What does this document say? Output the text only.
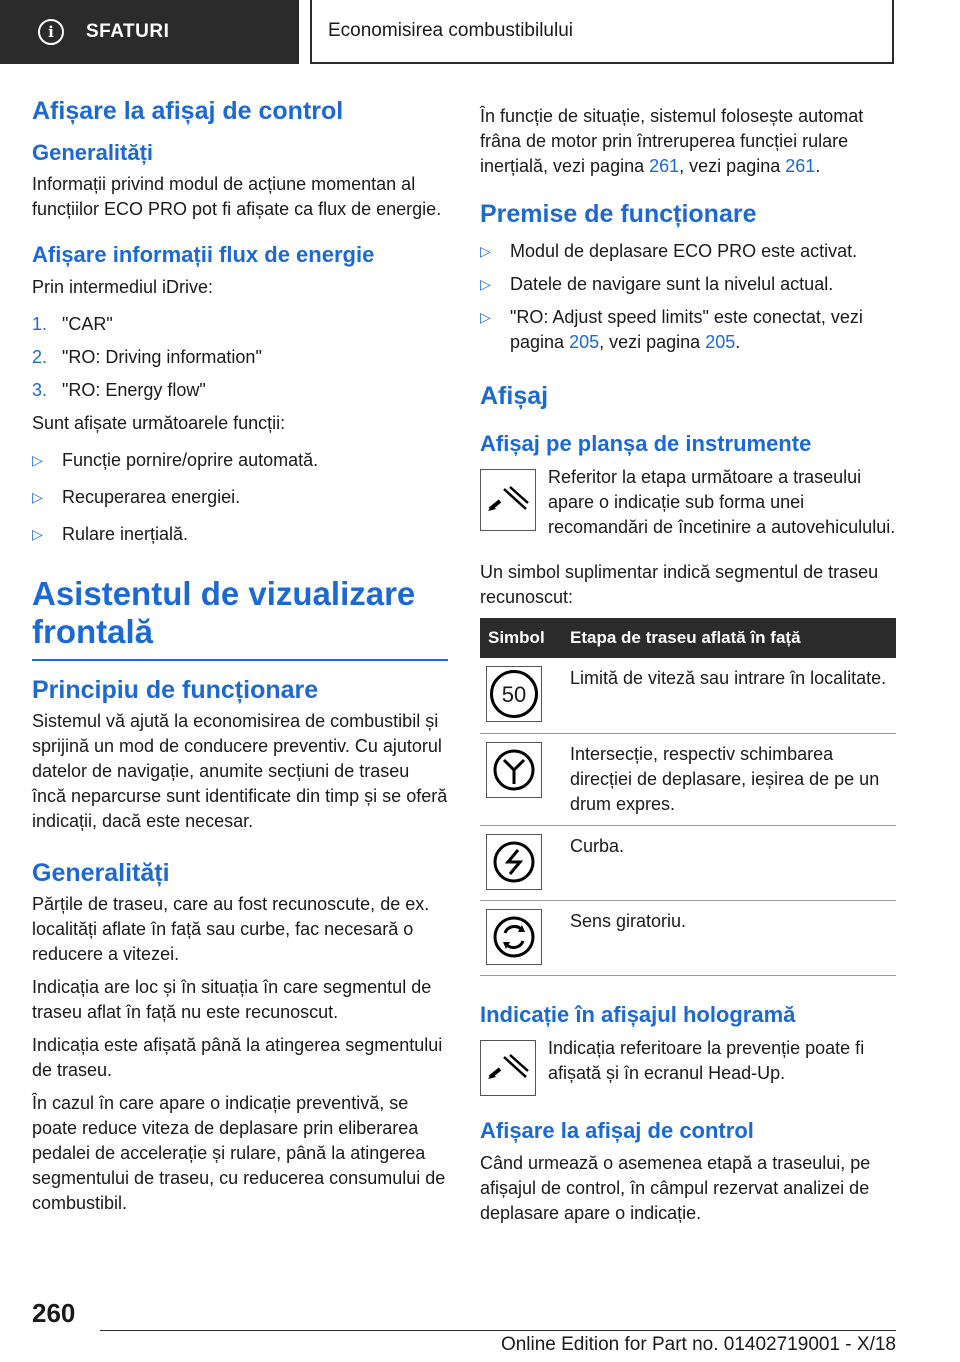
i	SFATURI	Economisirea combustibilului
Afișare la afișaj de control
Generalități

Informații privind modul de acțiune momentan al funcțiilor ECO PRO pot fi afișate ca flux de energie.

Afișare informații flux de energie

Prin intermediul iDrive:

1. "CAR"
2. "RO: Driving information"
3. "RO: Energy flow"

Sunt afișate următoarele funcții:

▷	Funcție pornire/oprire automată.
▷	Recuperarea energiei.
▷	Rulare inerțială.
Asistentul de vizualizare frontală
Principiu de funcționare

Sistemul vă ajută la economisirea de combustibil și sprijină un mod de conducere preventiv. Cu ajutorul datelor de navigație, anumite secțiuni de traseu încă neparcurse sunt identificate din timp și se oferă indicații, dacă este necesar.

Generalități

Părțile de traseu, care au fost recunoscute, de ex. localități aflate în față sau curbe, fac necesară o reducere a vitezei.

Indicația are loc și în situația în care segmentul de traseu aflat în față nu este recunoscut.

Indicația este afișată până la atingerea segmentului de traseu.

În cazul în care apare o indicație preventivă, se poate reduce viteza de deplasare prin eliberarea pedalei de accelerație și rulare, până la atingerea segmentului de traseu, cu reducerea consumului de combustibil.

În funcție de situație, sistemul folosește automat frâna de motor prin întreruperea funcției rulare inerțială, vezi pagina 261, vezi pagina 261.

Premise de funcționare
▷	Modul de deplasare ECO PRO este activat.
▷	Datele de navigare sunt la nivelul actual.
▷	"RO: Adjust speed limits" este conectat, vezi pagina 205, vezi pagina 205.
Afișaj
Afișaj pe planșa de instrumente

Referitor la etapa următoare a traseului apare o indicație sub forma unei recomandări de încetinire a autovehiculului.

Un simbol suplimentar indică segmentul de traseu recunoscut:

Simbol	Etapa de traseu aflată în față

50	Limită de viteză sau intrare în localitate.

	Intersecție, respectiv schimbarea direcției de deplasare, ieșirea de pe un drum expres.

	Curba.

	Sens giratoriu.
Indicație în afișajul hologramă

Indicația referitoare la prevenție poate fi afișată și în ecranul Head-Up.

Afișare la afișaj de control

Când urmează o asemenea etapă a traseului, pe afișajul de control, în câmpul rezervat analizei de deplasare apare o indicație.

260
Online Edition for Part no. 01402719001 - X/18
